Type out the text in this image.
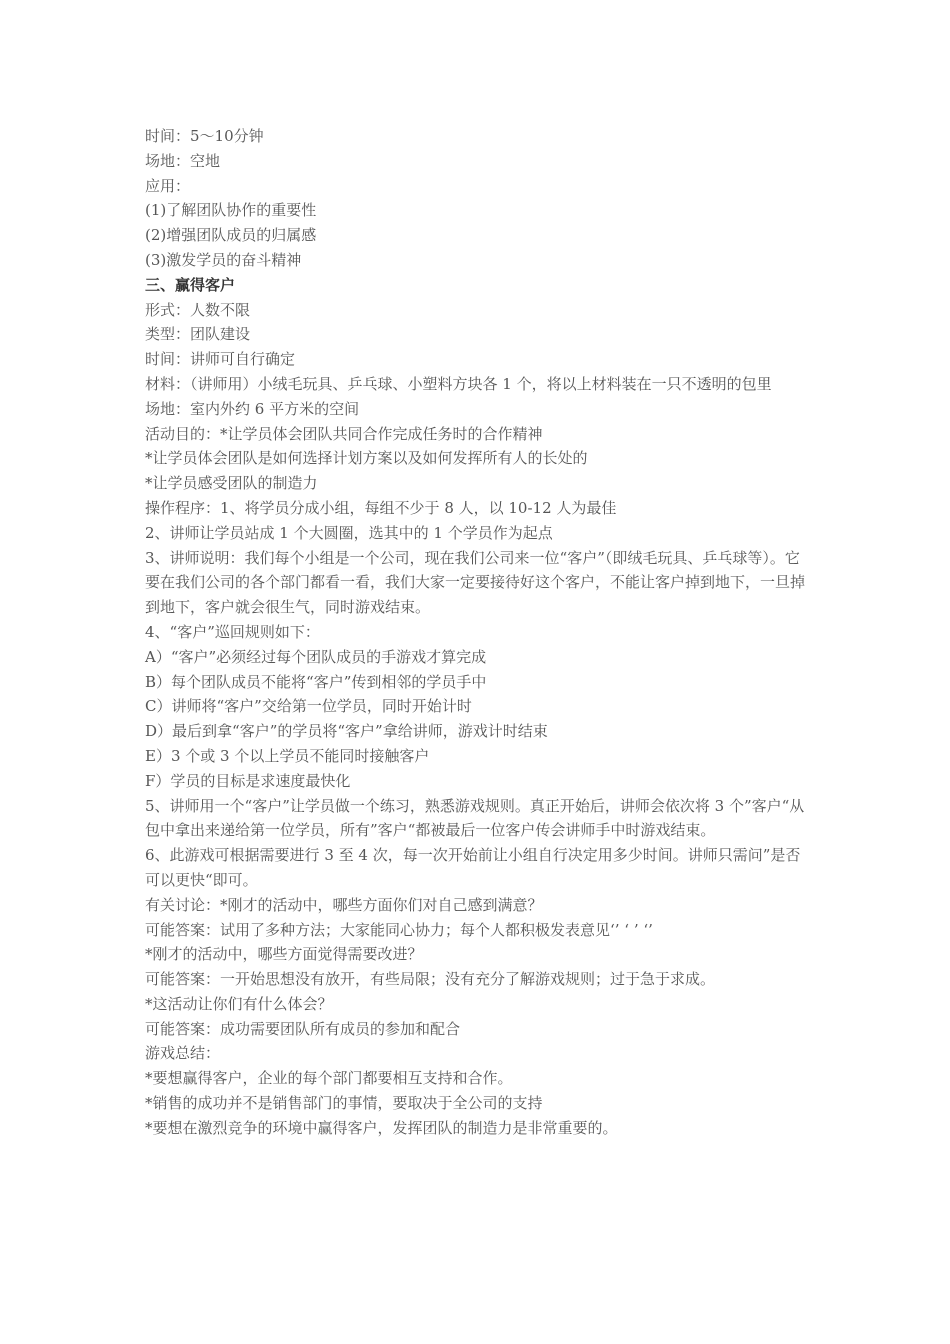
时间：5～10分钟
场地：空地
应用：
(1)了解团队协作的重要性
(2)增强团队成员的归属感
(3)激发学员的奋斗精神
三、赢得客户
形式：人数不限
类型：团队建设
时间：讲师可自行确定
材料：（讲师用）小绒毛玩具、乒乓球、小塑料方块各 1 个，将以上材料装在一只不透明的包里
场地：室内外约 6 平方米的空间
活动目的：*让学员体会团队共同合作完成任务时的合作精神
*让学员体会团队是如何选择计划方案以及如何发挥所有人的长处的
*让学员感受团队的制造力
操作程序：1、将学员分成小组，每组不少于 8 人，以 10-12 人为最佳
2、讲师让学员站成 1 个大圆圈，选其中的 1 个学员作为起点
3、讲师说明：我们每个小组是一个公司，现在我们公司来一位“客户”（即绒毛玩具、乒乓球等）。它要在我们公司的各个部门都看一看，我们大家一定要接待好这个客户，不能让客户掉到地下，一旦掉到地下，客户就会很生气，同时游戏结束。
4、“客户”巡回规则如下：
A）“客户”必须经过每个团队成员的手游戏才算完成
B）每个团队成员不能将“客户”传到相邻的学员手中
C）讲师将“客户”交给第一位学员，同时开始计时
D）最后到拿“客户”的学员将“客户”拿给讲师，游戏计时结束
E）3 个或 3 个以上学员不能同时接触客户
F）学员的目标是求速度最快化
5、讲师用一个“客户”让学员做一个练习，熟悉游戏规则。真正开始后，讲师会依次将 3 个”客户“从包中拿出来递给第一位学员，所有”客户“都被最后一位客户传会讲师手中时游戏结束。
6、此游戏可根据需要进行 3 至 4 次，每一次开始前让小组自行决定用多少时间。讲师只需问”是否可以更快“即可。
有关讨论：*刚才的活动中，哪些方面你们对自己感到满意？
可能答案：试用了多种方法；大家能同心协力；每个人都积极发表意见‘’ ‘ ’ ‘’
*刚才的活动中，哪些方面觉得需要改进？
可能答案：一开始思想没有放开，有些局限；没有充分了解游戏规则；过于急于求成。
*这活动让你们有什么体会？
可能答案：成功需要团队所有成员的参加和配合
游戏总结：
*要想赢得客户，企业的每个部门都要相互支持和合作。
*销售的成功并不是销售部门的事情，要取决于全公司的支持
*要想在激烈竞争的环境中赢得客户，发挥团队的制造力是非常重要的。
